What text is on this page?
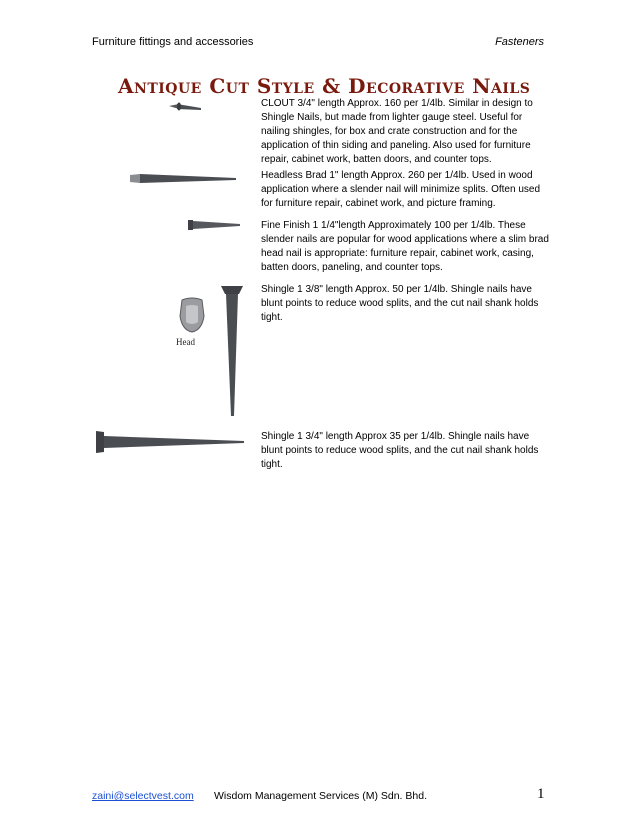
Furniture fittings and accessories	Fasteners
Antique Cut Style & Decorative Nails
Head
CLOUT 3/4" length Approx. 160 per 1/4lb. Similar in design to Shingle Nails, but made from lighter gauge steel. Useful for nailing shingles, for box and crate construction and for the application of thin siding and paneling. Also used for furniture repair, cabinet work, batten doors, and counter tops.
Headless Brad 1" length Approx. 260 per 1/4lb. Used in wood application where a slender nail will minimize splits. Often used for furniture repair, cabinet work, and picture framing.
Fine Finish 1 1/4"length Approximately 100 per 1/4lb. These slender nails are popular for wood applications where a slim brad head nail is appropriate: furniture repair, cabinet work, casing, batten doors, paneling, and counter tops.
Shingle 1 3/8" length Approx. 50 per 1/4lb. Shingle nails have blunt points to reduce wood splits, and the cut nail shank holds tight.
Shingle 1 3/4" length Approx 35 per 1/4lb. Shingle nails have blunt points to reduce wood splits, and the cut nail shank holds tight.
zaini@selectvest.com Wisdom Management Services (M) Sdn. Bhd.	1
